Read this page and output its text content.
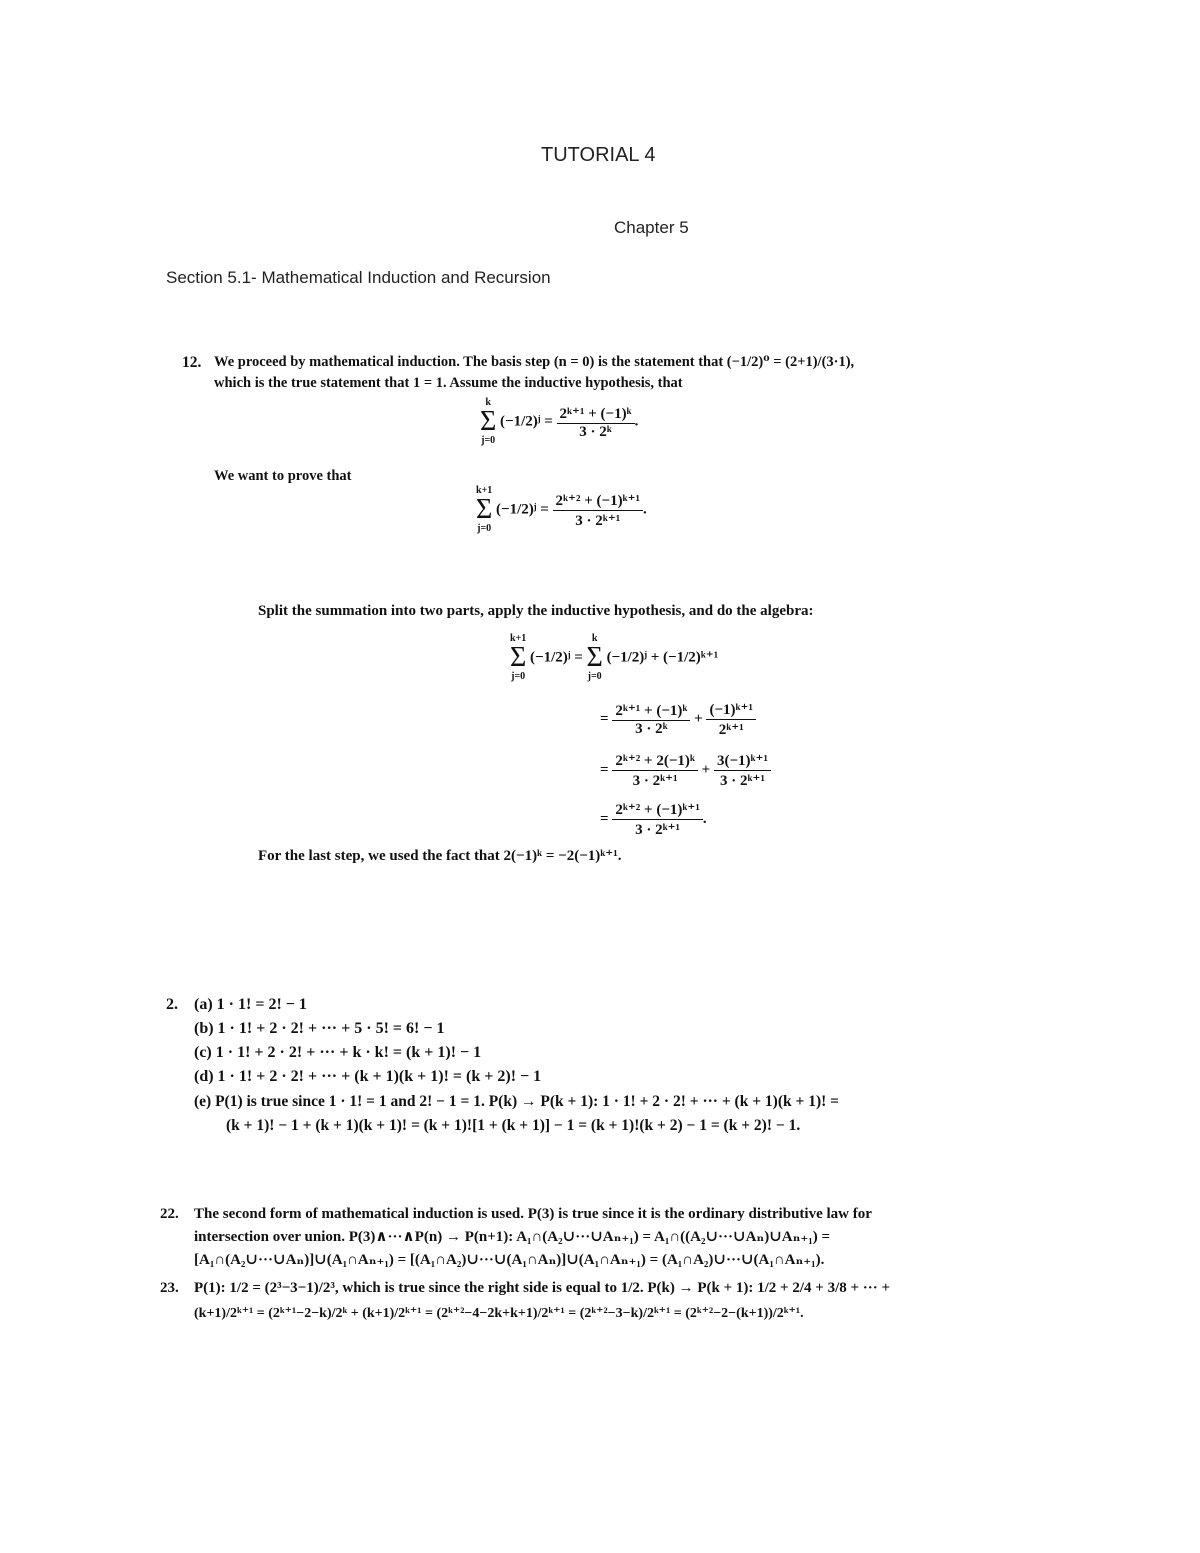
TUTORIAL 4
Chapter 5
Section 5.1- Mathematical Induction and Recursion
12. We proceed by mathematical induction. The basis step (n = 0) is the statement that (−1/2)⁰ = (2+1)/(3·1),
which is the true statement that 1 = 1. Assume the inductive hypothesis, that
k
Σ
j=0
(−1/2)ʲ = $\frac{\text{2ᵏ⁺¹ + (−1)ᵏ}}{\text{3 · 2ᵏ}}$ .
We want to prove that
k+1
Σ
j=0
(−1/2)ʲ = $\frac{\text{2ᵏ⁺² + (−1)ᵏ⁺¹}}{\text{3 · 2ᵏ⁺¹}}$ .
Split the summation into two parts, apply the inductive hypothesis, and do the algebra:
k+1
Σ
j=0
(−1/2)ʲ =
k
Σ
j=0
(−1/2)ʲ + (−1/2)ᵏ⁺¹
= $\frac{\text{2ᵏ⁺¹ + (−1)ᵏ}}{\text{3 · 2ᵏ}} + \frac{\text{(−1)ᵏ⁺¹}}{\text{2ᵏ⁺¹}}$
= $\frac{\text{2ᵏ⁺² + 2(−1)ᵏ}}{\text{3 · 2ᵏ⁺¹}} + \frac{\text{3(−1)ᵏ⁺¹}}{\text{3 · 2ᵏ⁺¹}}$
= $\frac{\text{2ᵏ⁺² + (−1)ᵏ⁺¹}}{\text{3 · 2ᵏ⁺¹}}$ .
For the last step, we used the fact that 2(−1)ᵏ = −2(−1)ᵏ⁺¹.
2. (a) 1 · 1! = 2! − 1
(b) 1 · 1! + 2 · 2! + ··· + 5 · 5! = 6! − 1
(c) 1 · 1! + 2 · 2! + ··· + k · k! = (k + 1)! − 1
(d) 1 · 1! + 2 · 2! + ··· + (k + 1)(k + 1)! = (k + 2)! − 1
(e) P(1) is true since 1 · 1! = 1 and 2! − 1 = 1. P(k) → P(k + 1): 1 · 1! + 2 · 2! + ··· + (k + 1)(k + 1)! =
(k + 1)! − 1 + (k + 1)(k + 1)! = (k + 1)![1 + (k + 1)] − 1 = (k + 1)!(k + 2) − 1 = (k + 2)! − 1.
22. The second form of mathematical induction is used. P(3) is true since it is the ordinary distributive law for
intersection over union. P(3)∧···∧P(n) → P(n+1): A₁∩(A₂∪···∪Aₙ₊₁) = A₁∩((A₂∪···∪Aₙ)∪Aₙ₊₁) =
[A₁∩(A₂∪···∪Aₙ)]∪(A₁∩Aₙ₊₁) = [(A₁∩A₂)∪···∪(A₁∩Aₙ)]∪(A₁∩Aₙ₊₁) = (A₁∩A₂)∪···∪(A₁∩Aₙ₊₁).
23. P(1): 1/2 = (2³−3−1)/2³, which is true since the right side is equal to 1/2. P(k) → P(k + 1): 1/2 + 2/4 + 3/8 + ··· +
(k+1)/2ᵏ⁺¹ = (2ᵏ⁺¹−2−k)/2ᵏ + (k+1)/2ᵏ⁺¹ = (2ᵏ⁺²−4−2k+k+1)/2ᵏ⁺¹ = (2ᵏ⁺²−3−k)/2ᵏ⁺¹ = (2ᵏ⁺²−2−(k+1))/2ᵏ⁺¹.
